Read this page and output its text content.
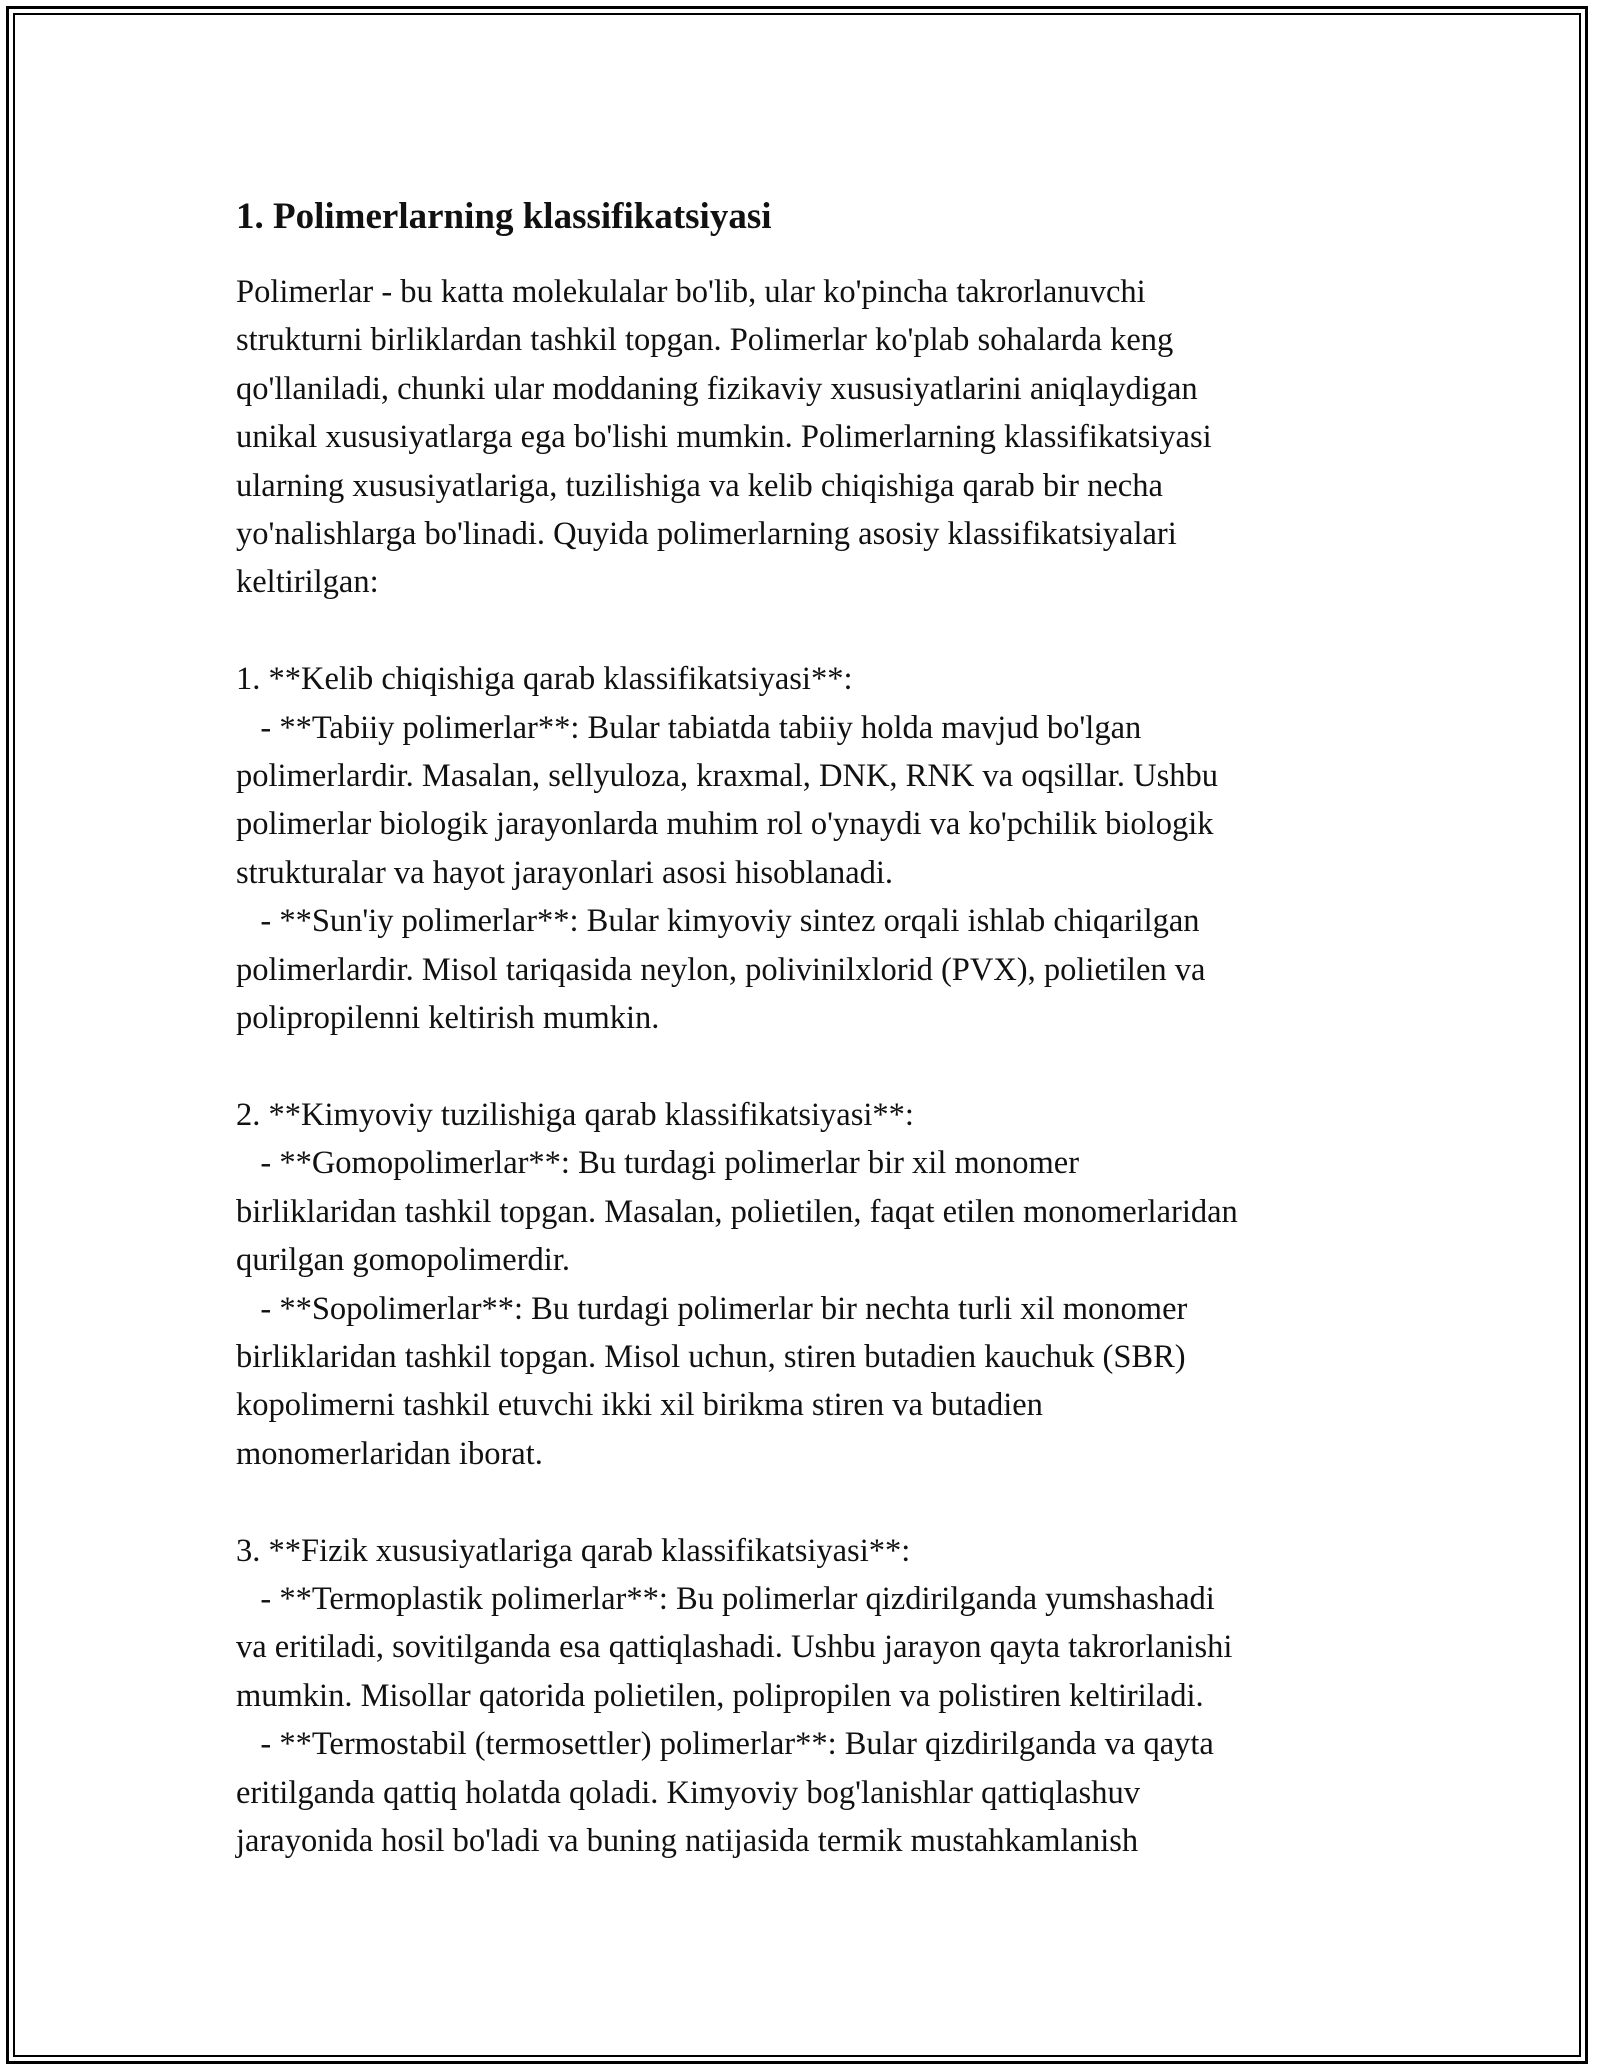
1. Polimerlarning klassifikatsiyasi

Polimerlar - bu katta molekulalar bo'lib, ular ko'pincha takrorlanuvchi
strukturni birliklardan tashkil topgan. Polimerlar ko'plab sohalarda keng
qo'llaniladi, chunki ular moddaning fizikaviy xususiyatlarini aniqlaydigan
unikal xususiyatlarga ega bo'lishi mumkin. Polimerlarning klassifikatsiyasi
ularning xususiyatlariga, tuzilishiga va kelib chiqishiga qarab bir necha
yo'nalishlarga bo'linadi. Quyida polimerlarning asosiy klassifikatsiyalari
keltirilgan:

1. **Kelib chiqishiga qarab klassifikatsiyasi**:
- **Tabiiy polimerlar**: Bular tabiatda tabiiy holda mavjud bo'lgan
polimerlardir. Masalan, sellyuloza, kraxmal, DNK, RNK va oqsillar. Ushbu
polimerlar biologik jarayonlarda muhim rol o'ynaydi va ko'pchilik biologik
strukturalar va hayot jarayonlari asosi hisoblanadi.
- **Sun'iy polimerlar**: Bular kimyoviy sintez orqali ishlab chiqarilgan
polimerlardir. Misol tariqasida neylon, polivinilxlorid (PVX), polietilen va
polipropilenni keltirish mumkin.

2. **Kimyoviy tuzilishiga qarab klassifikatsiyasi**:
- **Gomopolimerlar**: Bu turdagi polimerlar bir xil monomer
birliklaridan tashkil topgan. Masalan, polietilen, faqat etilen monomerlaridan
qurilgan gomopolimerdir.
- **Sopolimerlar**: Bu turdagi polimerlar bir nechta turli xil monomer
birliklaridan tashkil topgan. Misol uchun, stiren butadien kauchuk (SBR)
kopolimerni tashkil etuvchi ikki xil birikma stiren va butadien
monomerlaridan iborat.

3. **Fizik xususiyatlariga qarab klassifikatsiyasi**:
- **Termoplastik polimerlar**: Bu polimerlar qizdirilganda yumshashadi
va eritiladi, sovitilganda esa qattiqlashadi. Ushbu jarayon qayta takrorlanishi
mumkin. Misollar qatorida polietilen, polipropilen va polistiren keltiriladi.
- **Termostabil (termosettler) polimerlar**: Bular qizdirilganda va qayta
eritilganda qattiq holatda qoladi. Kimyoviy bog'lanishlar qattiqlashuv
jarayonida hosil bo'ladi va buning natijasida termik mustahkamlanish
